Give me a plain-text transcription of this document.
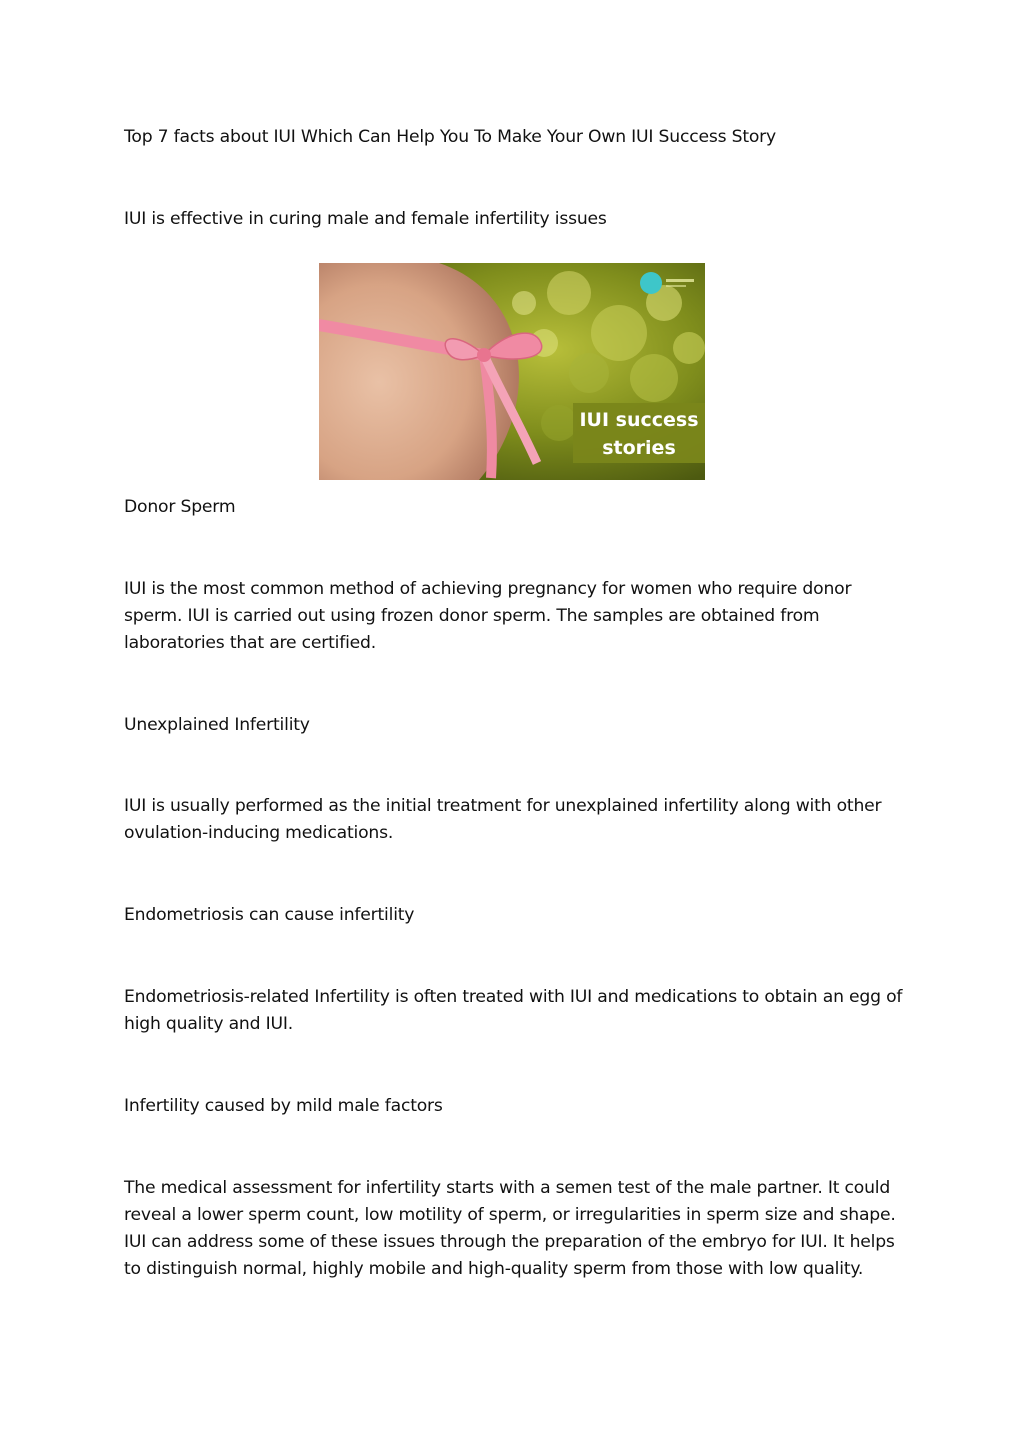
Top 7 facts about IUI Which Can Help You To Make Your Own IUI Success Story
IUI is effective in curing male and female infertility issues
IUI success
stories
Donor Sperm
IUI is the most common method of achieving pregnancy for women who require donor
sperm. IUI is carried out using frozen donor sperm. The samples are obtained from
laboratories that are certified.
Unexplained Infertility
IUI is usually performed as the initial treatment for unexplained infertility along with other
ovulation-inducing medications.
Endometriosis can cause infertility
Endometriosis-related Infertility is often treated with IUI and medications to obtain an egg of
high quality and IUI.
Infertility caused by mild male factors
The medical assessment for infertility starts with a semen test of the male partner. It could
reveal a lower sperm count, low motility of sperm, or irregularities in sperm size and shape.
IUI can address some of these issues through the preparation of the embryo for IUI. It helps
to distinguish normal, highly mobile and high-quality sperm from those with low quality.
